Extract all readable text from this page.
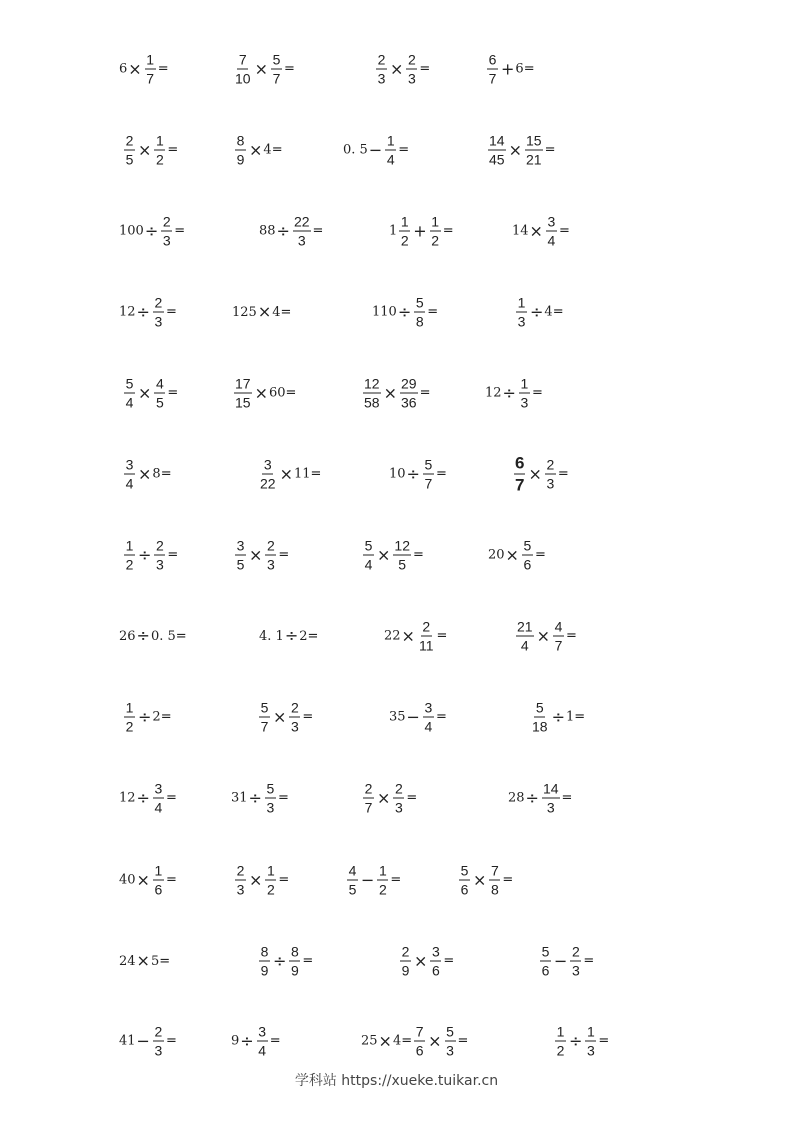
$6 \times \frac{1}{7}$ =	$\frac{7}{10} \times \frac{5}{7}$ =	$\frac{2}{3} \times \frac{2}{3}$ =	$\frac{6}{7} + 6$ =
$\frac{2}{5} \times \frac{1}{2}$ =	$\frac{8}{9} \times 4$ =	0. $5 - \frac{1}{4}$ =	$\frac{14}{45} \times \frac{15}{21}$ =
$100 \div \frac{2}{3}$ =	$88 \div \frac{22}{3}$ =	$1 \frac{1}{2} + \frac{1}{2}$ =	$14 \times \frac{3}{4}$ =
$12 \div \frac{2}{3}$ =	125 × 4 =	$110 \div \frac{5}{8}$ =	$\frac{1}{3} \div 4$ =
$\frac{5}{4} \times \frac{4}{5}$ =	$\frac{17}{15} \times 60$ =	$\frac{12}{58} \times \frac{29}{36}$ =	$12 \div \frac{1}{3}$ =
$\frac{3}{4} \times 8$ =	$\frac{3}{22} \times 11$ =	$10 \div \frac{5}{7}$ =	$\frac{6}{7} \times \frac{2}{3}$ =
$\frac{1}{2} \div \frac{2}{3}$ =	$\frac{3}{5} \times \frac{2}{3}$ =	$\frac{5}{4} \times \frac{12}{5}$ =	$20 \times \frac{5}{6}$ =
26 ÷ 0. 5 =	4. 1 ÷ 2 =	$22 \times \frac{2}{11}$ =	$\frac{21}{4} \times \frac{4}{7}$ =
$\frac{1}{2} \div 2$ =	$\frac{5}{7} \times \frac{2}{3}$ =	$35 - \frac{3}{4}$ =	$\frac{5}{18} \div 1$ =
$12 \div \frac{3}{4}$ =	$31 \div \frac{5}{3}$ =	$\frac{2}{7} \times \frac{2}{3}$ =	$28 \div \frac{14}{3}$ =
$40 \times \frac{1}{6}$ =	$\frac{2}{3} \times \frac{1}{2}$ =	$\frac{4}{5} - \frac{1}{2}$ =	$\frac{5}{6} \times \frac{7}{8}$ =
24 × 5 =	$\frac{8}{9} \div \frac{8}{9}$ =	$\frac{2}{9} \times \frac{3}{6}$ =	$\frac{5}{6} - \frac{2}{3}$ =
$41 - \frac{2}{3}$ =	$9 \div \frac{3}{4}$ =	$25 \times 4 = \frac{7}{6} \times \frac{5}{3}$ =	$\frac{1}{2} \div \frac{1}{3}$ =
学科站 https://xueke.tuikar.cn
